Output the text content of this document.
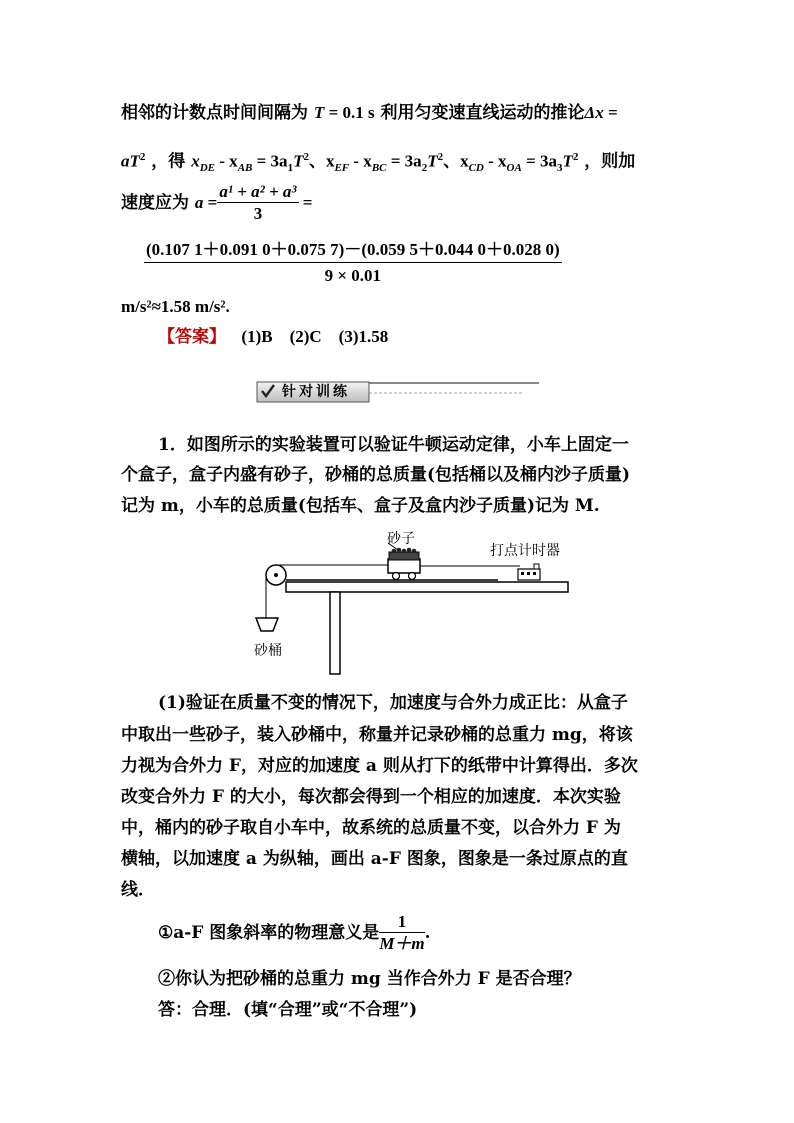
相邻的计数点时间间隔为 T = 0.1 s 利用匀变速直线运动的推论Δx =
$aT^2$ ，得 $x_{DE} - x_{AB} = 3a_1T^2$、$x_{EF} - x_{BC} = 3a_2T^2$、$x_{CD} - x_{OA} = 3a_3T^2$ ，则加
速度应为 $a = \frac{\text{a¹ + a² + a³}}{3}$ =
$\frac{(0.107 1+0.091 0+0.075 7)-(0.059 5+0.044 0+0.028 0)}{9 \times 0.01}$
m/s²≈1.58 m/s².
【答案】 (1)B　(2)C　(3)1.58
针对训练
1．如图所示的实验装置可以验证牛顿运动定律，小车上固定一
个盒子，盒子内盛有砂子，砂桶的总质量(包括桶以及桶内沙子质量)
记为 m，小车的总质量(包括车、盒子及盒内沙子质量)记为 M.
砂子
打点计时器
砂桶
(1)验证在质量不变的情况下，加速度与合外力成正比：从盒子
中取出一些砂子，装入砂桶中，称量并记录砂桶的总重力 mg，将该
力视为合外力 F，对应的加速度 a 则从打下的纸带中计算得出．多次
改变合外力 F 的大小，每次都会得到一个相应的加速度．本次实验
中，桶内的砂子取自小车中，故系统的总质量不变，以合外力 F 为
横轴，以加速度 a 为纵轴，画出 a-F 图象，图象是一条过原点的直
线．
①a-F 图象斜率的物理意义是 $\frac{1}{M+m}$ .
②你认为把砂桶的总重力 mg 当作合外力 F 是否合理？
答：合理．(填“合理”或“不合理”)
